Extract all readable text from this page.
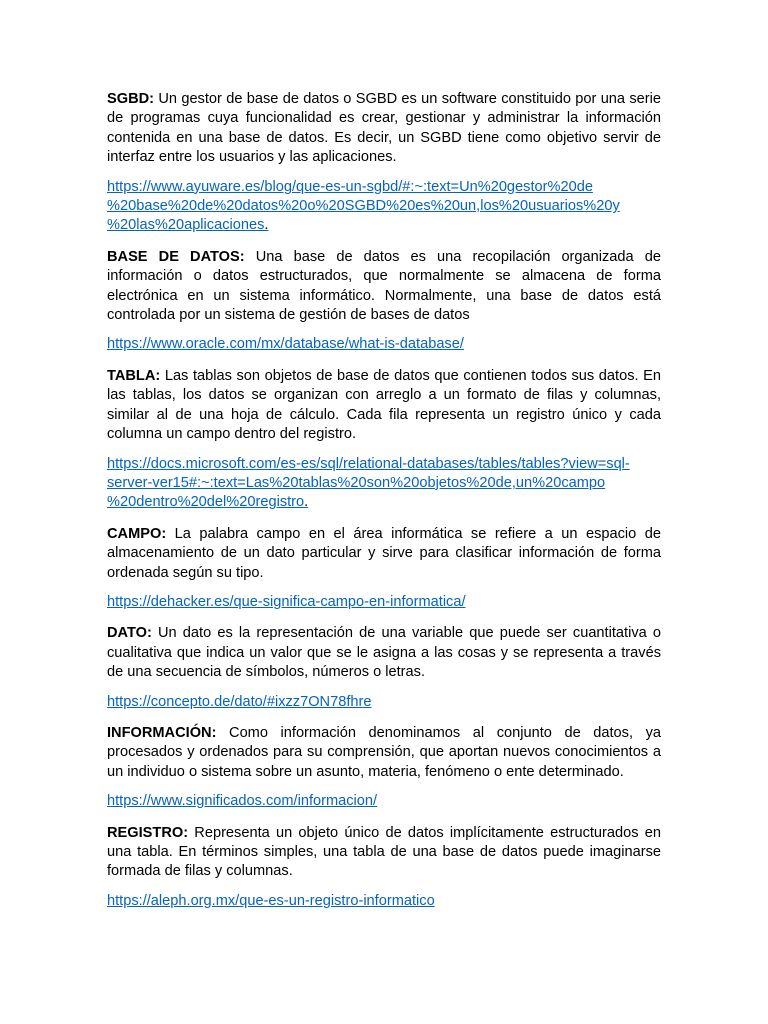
SGBD: Un gestor de base de datos o SGBD es un software constituido por una serie de programas cuya funcionalidad es crear, gestionar y administrar la información contenida en una base de datos. Es decir, un SGBD tiene como objetivo servir de interfaz entre los usuarios y las aplicaciones.

https://www.ayuware.es/blog/que-es-un-sgbd/#:~:text=Un%20gestor%20de
%20base%20de%20datos%20o%20SGBD%20es%20un,los%20usuarios%20y
%20las%20aplicaciones.

BASE DE DATOS: Una base de datos es una recopilación organizada de información o datos estructurados, que normalmente se almacena de forma electrónica en un sistema informático. Normalmente, una base de datos está controlada por un sistema de gestión de bases de datos

https://www.oracle.com/mx/database/what-is-database/

TABLA: Las tablas son objetos de base de datos que contienen todos sus datos. En las tablas, los datos se organizan con arreglo a un formato de filas y columnas, similar al de una hoja de cálculo. Cada fila representa un registro único y cada columna un campo dentro del registro.

https://docs.microsoft.com/es-es/sql/relational-databases/tables/tables?view=sql-
server-ver15#:~:text=Las%20tablas%20son%20objetos%20de,un%20campo
%20dentro%20del%20registro.

CAMPO: La palabra campo en el área informática se refiere a un espacio de almacenamiento de un dato particular y sirve para clasificar información de forma ordenada según su tipo.

https://dehacker.es/que-significa-campo-en-informatica/

DATO: Un dato es la representación de una variable que puede ser cuantitativa o cualitativa que indica un valor que se le asigna a las cosas y se representa a través de una secuencia de símbolos, números o letras.

https://concepto.de/dato/#ixzz7ON78fhre

INFORMACIÓN: Como información denominamos al conjunto de datos, ya procesados y ordenados para su comprensión, que aportan nuevos conocimientos a un individuo o sistema sobre un asunto, materia, fenómeno o ente determinado.

https://www.significados.com/informacion/

REGISTRO: Representa un objeto único de datos implícitamente estructurados en una tabla. En términos simples, una tabla de una base de datos puede imaginarse formada de filas y columnas.

https://aleph.org.mx/que-es-un-registro-informatico
